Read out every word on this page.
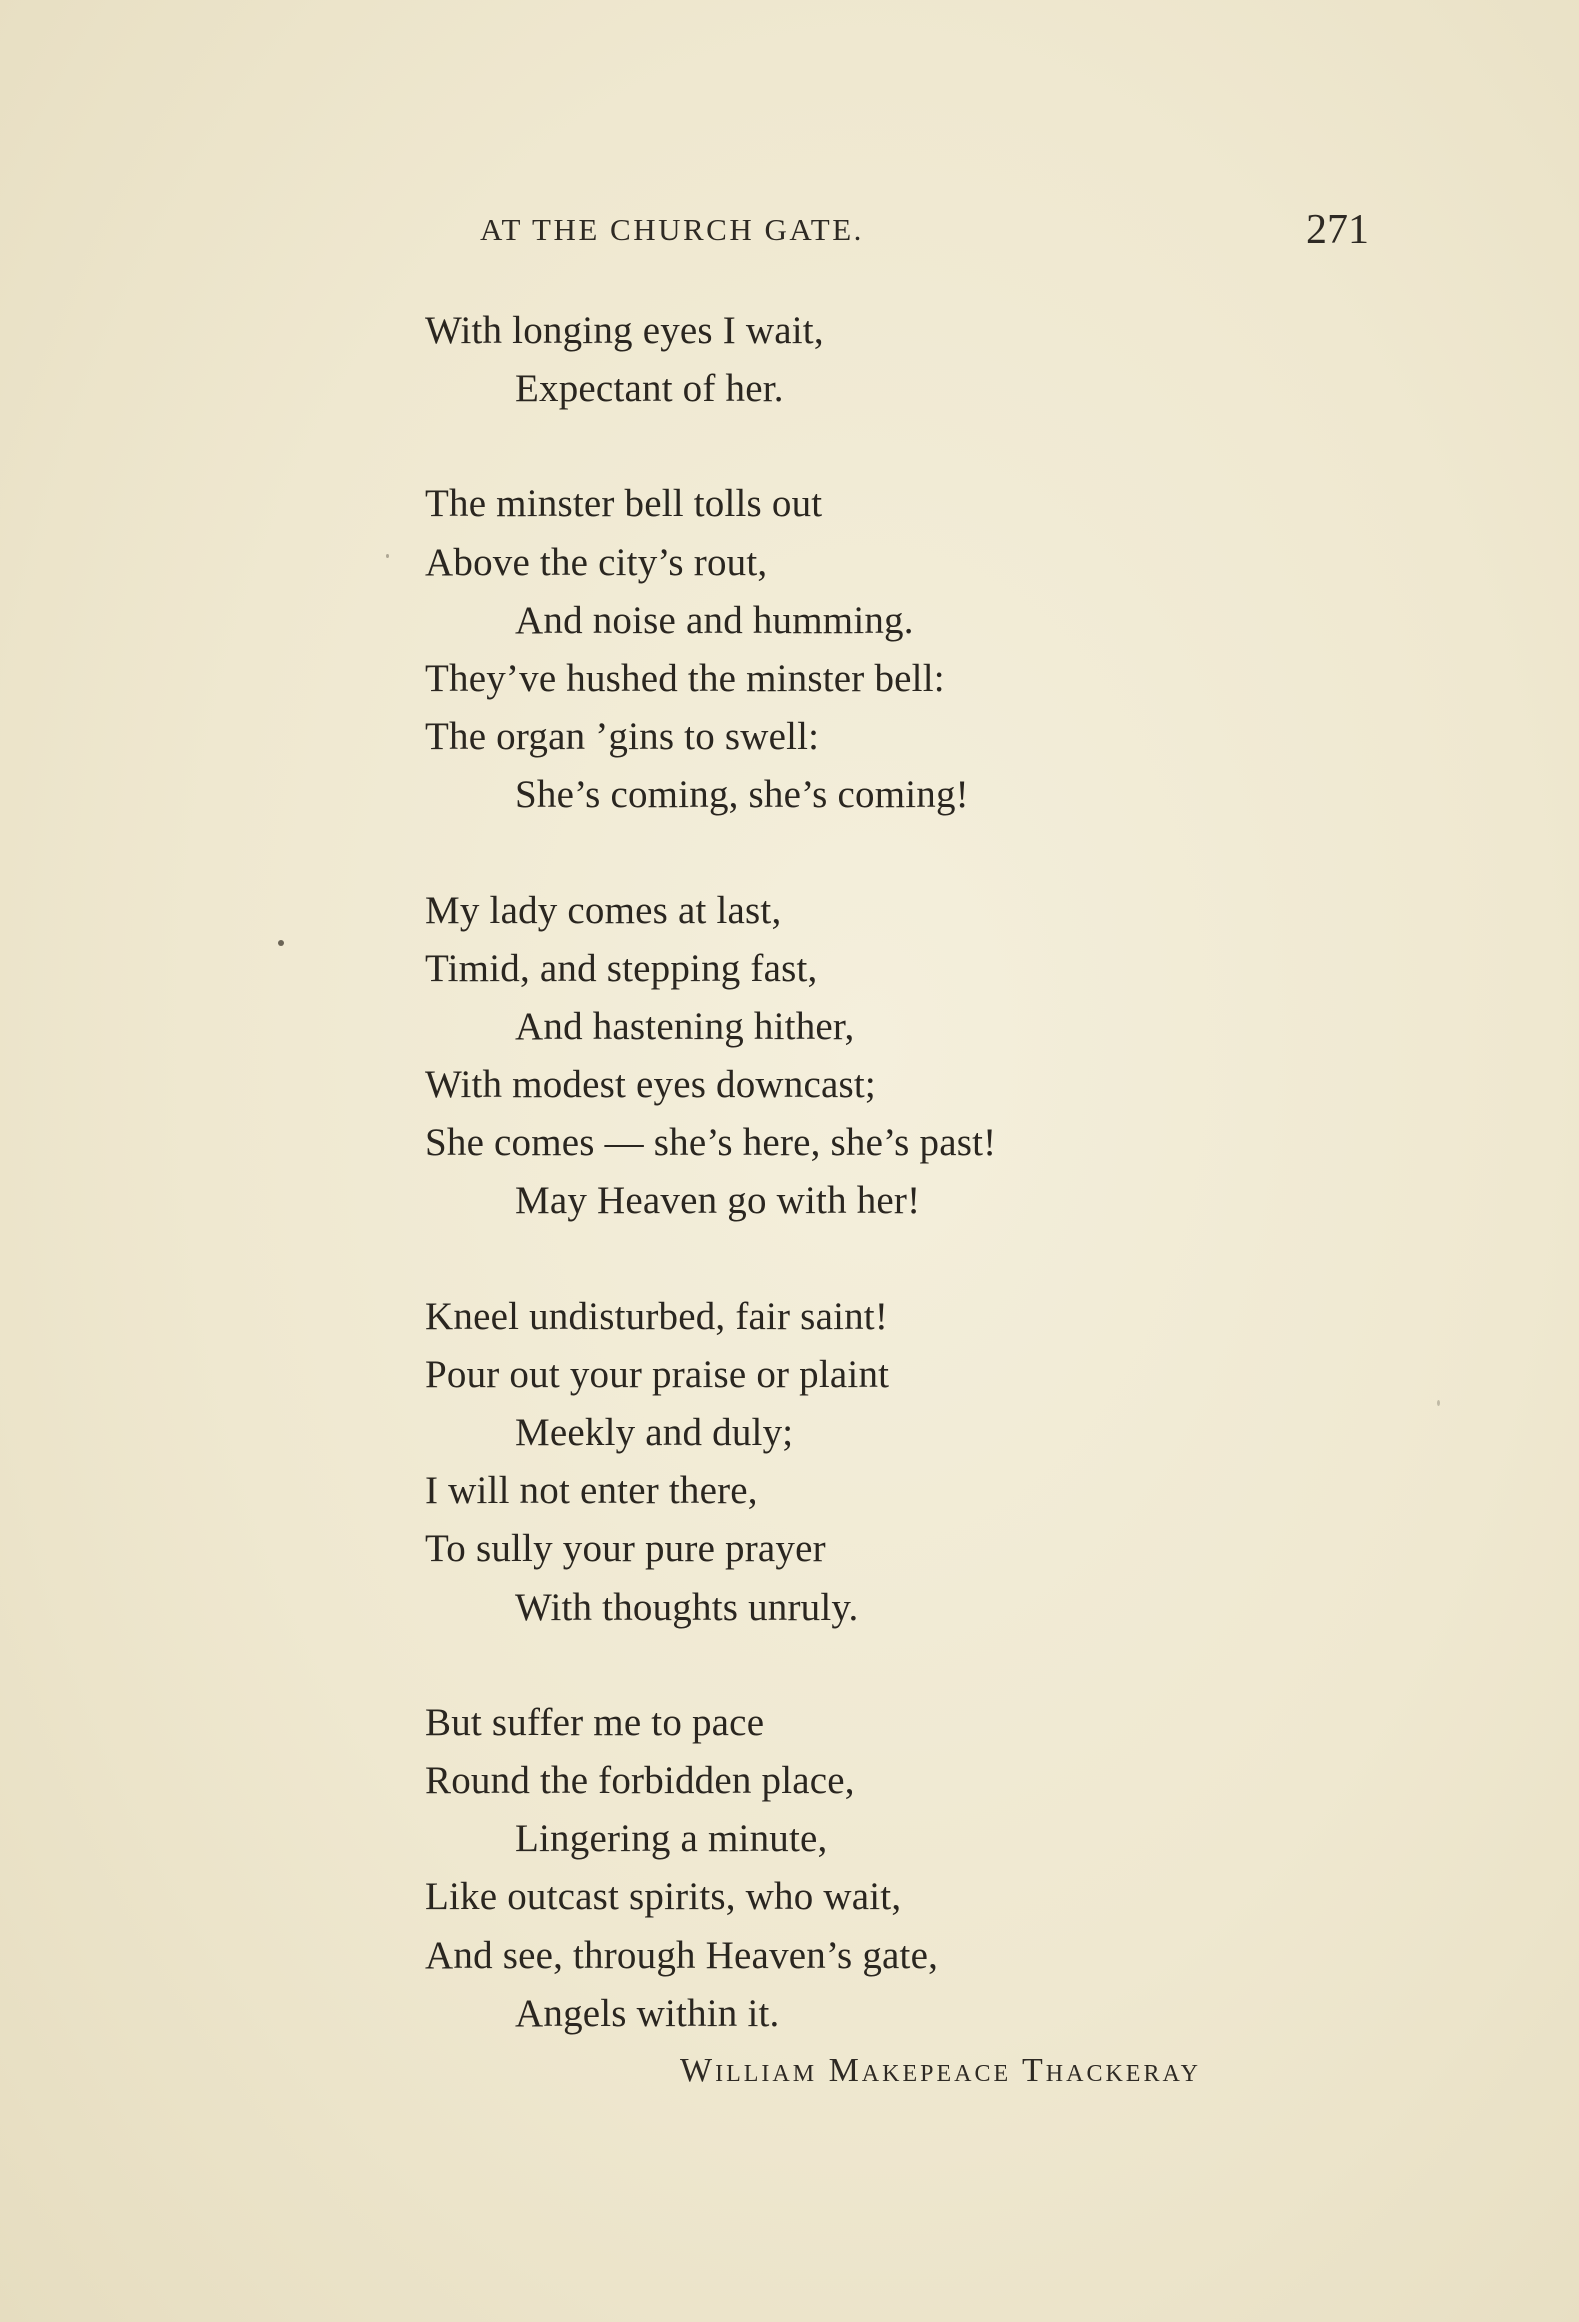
AT THE CHURCH GATE.	271
With longing eyes I wait,
Expectant of her.
The minster bell tolls out
Above the city’s rout,
And noise and humming.
They’ve hushed the minster bell:
The organ ’gins to swell:
She’s coming, she’s coming!
My lady comes at last,
Timid, and stepping fast,
And hastening hither,
With modest eyes downcast;
She comes — she’s here, she’s past!
May Heaven go with her!
Kneel undisturbed, fair saint!
Pour out your praise or plaint
Meekly and duly;
I will not enter there,
To sully your pure prayer
With thoughts unruly.
But suffer me to pace
Round the forbidden place,
Lingering a minute,
Like outcast spirits, who wait,
And see, through Heaven’s gate,
Angels within it.
William Makepeace Thackeray
